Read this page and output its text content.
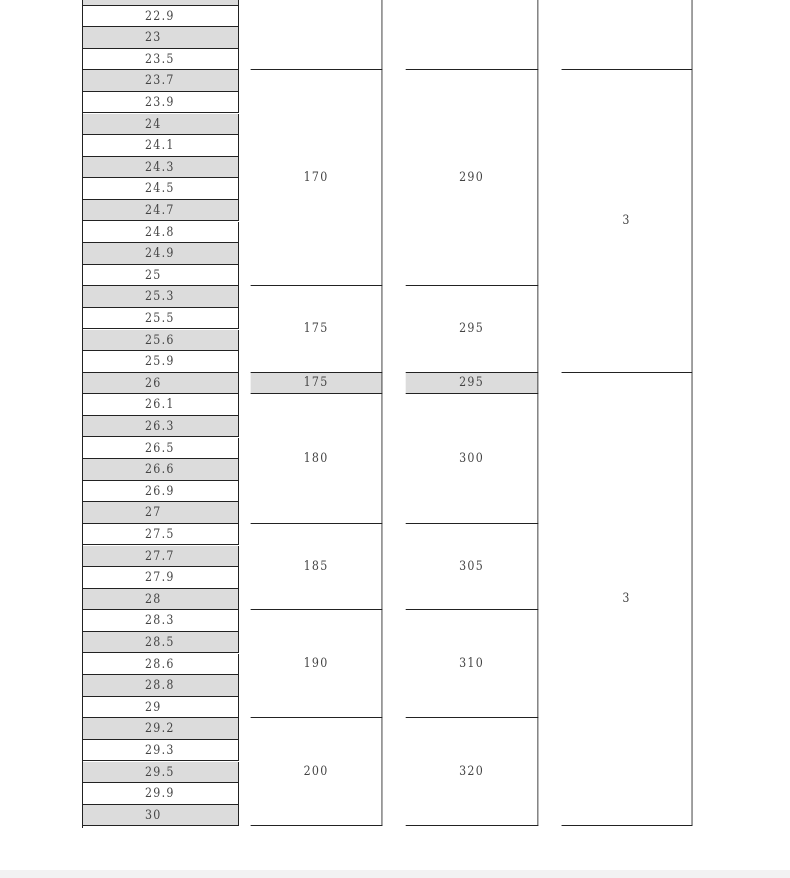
22.9
23
23.5
23.7
23.9
24
24.1
24.3
24.5
24.7
24.8
24.9
25
25.3
25.5
25.6
25.9
26
26.1
26.3
26.5
26.6
26.9
27
27.5
27.7
27.9
28
28.3
28.5
28.6
28.8
29
29.2
29.3
29.5
29.9
30
170
175
175
180
185
190
200
290
295
295
300
305
310
320
3
3
